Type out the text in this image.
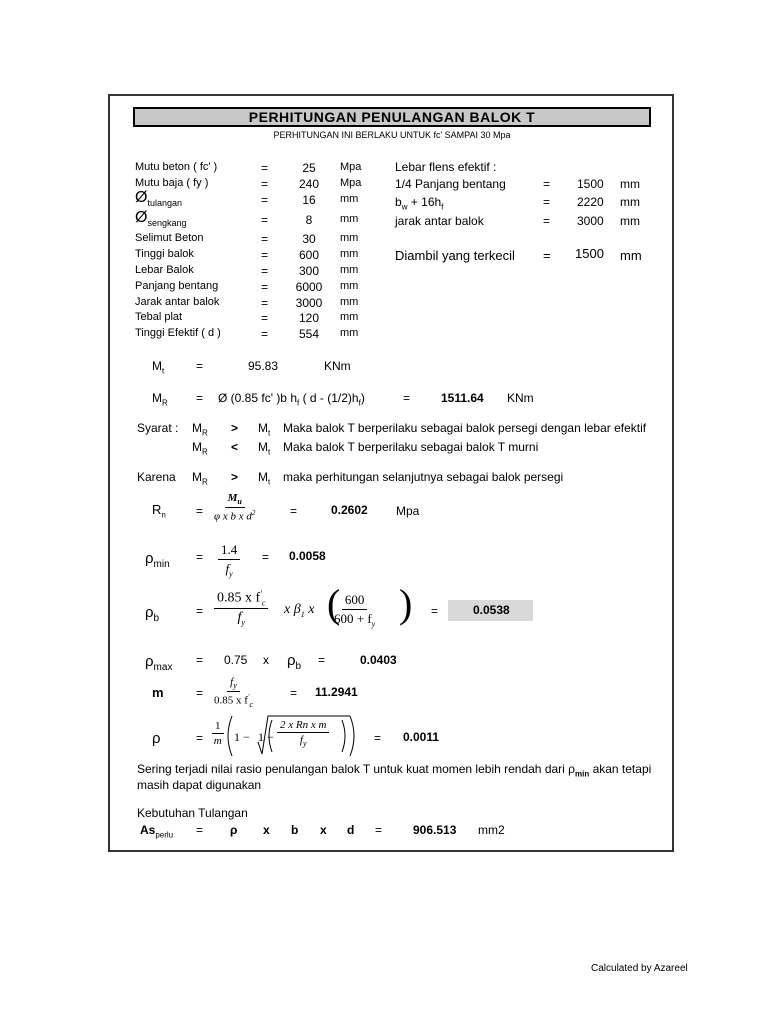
PERHITUNGAN PENULANGAN BALOK T
PERHITUNGAN INI BERLAKU UNTUK fc' SAMPAI 30 Mpa
Mutu beton ( fc' )	=	25	Mpa
Mutu baja ( fy )	=	240	Mpa
$Ø_{tulangan}$	=	16	mm
$Ø_{sengkang}$	=	8	mm
Selimut Beton	=	30	mm
Tinggi balok	=	600	mm
Lebar Balok	=	300	mm
Panjang bentang	=	6000	mm
Jarak antar balok	=	3000	mm
Tebal plat	=	120	mm
Tinggi Efektif ( d )	=	554	mm
Lebar flens efektif :
1/4 Panjang bentang	= 1500 mm
$b_w + 16h_f$	= 2220 mm
jarak antar balok	= 3000 mm
Diambil yang terkecil = 1500 mm
$M_t$	=	95.83	KNm
$M_R$ = Ø (0.85 fc' )b $h_f$ ( d - $(1/2)h_f$)	=	1511.64 KNm
Syarat : $M_R > M_t$ Maka balok T berperilaku sebagai balok persegi dengan lebar efektif
$M_R < M_t$ Maka balok T berperilaku sebagai balok T murni
Karena $M_R > M_t$ maka perhitungan selanjutnya sebagai balok persegi
$R_n$	= $\frac{M_u}{\varphi x b x d^2}$	=	0.2602 Mpa
$\rho_{min}$
= $\frac{1.4}{f_y} = 0.0058$
$\rho_b$
= $\frac{0.85 x f'_c}{f_y}$ x $\beta_1$ x (
$\frac{600}{600 + f_y}$ ) =	0.0538
$\rho_{max}$
= 0.75 x $\rho_b$ =	0.0403
m	= $\frac{f_y}{0.85 x f'_c}$	= 11.2941
ρ	= $\frac{1}{m} 1 - 1 - \frac{\text{2 x Rn x m}}{f_y}$	= 0.0011
Sering terjadi nilai rasio penulangan balok T untuk kuat momen lebih rendah dari $\rho_{min}$ akan tetapi
masih dapat digunakan
Kebutuhan Tulangan
$As_{perlu} = \rho$ x b x d =	906.513 mm2
Calculated by Azareel
